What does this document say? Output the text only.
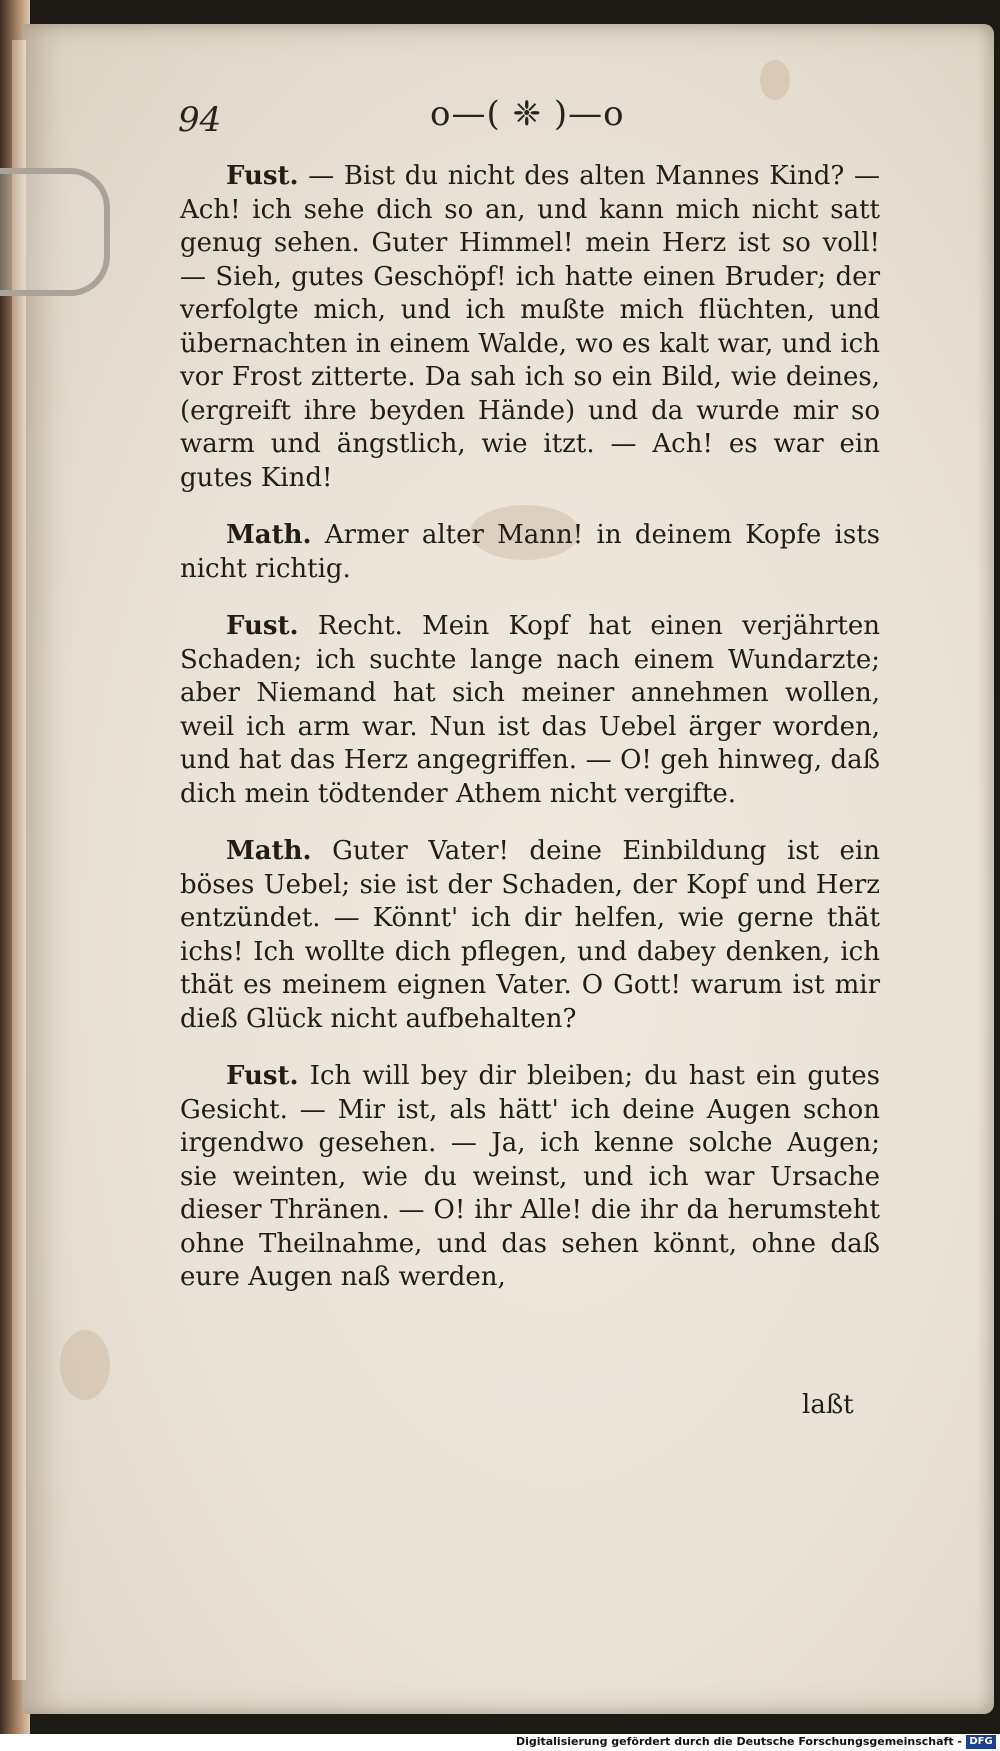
94	o—( ❈ )—o

Fust. — Bist du nicht des alten Mannes Kind? — Ach! ich sehe dich so an, und kann mich nicht satt genug sehen. Guter Himmel! mein Herz ist so voll! — Sieh, gutes Geschöpf! ich hatte einen Bruder; der verfolgte mich, und ich mußte mich flüchten, und übernachten in einem Walde, wo es kalt war, und ich vor Frost zitterte. Da sah ich so ein Bild, wie deines, (ergreift ihre beyden Hände) und da wurde mir so warm und ängstlich, wie itzt. — Ach! es war ein gutes Kind!

Math. Armer alter Mann! in deinem Kopfe ists nicht richtig.

Fust. Recht. Mein Kopf hat einen verjährten Schaden; ich suchte lange nach einem Wundarzte; aber Niemand hat sich meiner annehmen wollen, weil ich arm war. Nun ist das Uebel ärger worden, und hat das Herz angegriffen. — O! geh hinweg, daß dich mein tödtender Athem nicht vergifte.

Math. Guter Vater! deine Einbildung ist ein böses Uebel; sie ist der Schaden, der Kopf und Herz entzündet. — Könnt' ich dir helfen, wie gerne thät ichs! Ich wollte dich pflegen, und dabey denken, ich thät es meinem eignen Vater. O Gott! warum ist mir dieß Glück nicht aufbehalten?

Fust. Ich will bey dir bleiben; du hast ein gutes Gesicht. — Mir ist, als hätt' ich deine Augen schon irgendwo gesehen. — Ja, ich kenne solche Augen; sie weinten, wie du weinst, und ich war Ursache dieser Thränen. — O! ihr Alle! die ihr da herumsteht ohne Theilnahme, und das sehen könnt, ohne daß eure Augen naß werden,

laßt
Digitalisierung gefördert durch die Deutsche Forschungsgemeinschaft - DFG
